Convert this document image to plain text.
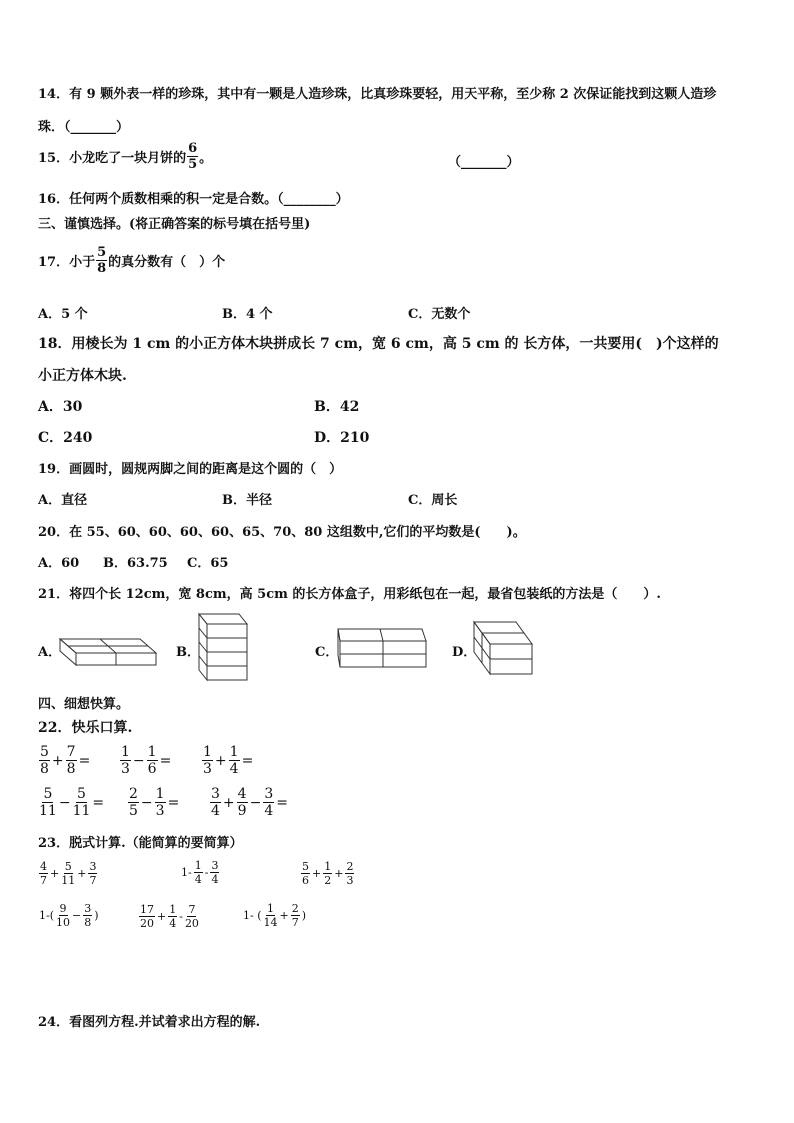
14．有 9 颗外表一样的珍珠，其中有一颗是人造珍珠，比真珍珠要轻，用天平称，至少称 2 次保证能找到这颗人造珍
珠．（_______）
15．小龙吃了一块月饼的 $\frac{6}{5}$ 。	（_______）
16．任何两个质数相乘的积一定是合数。（________）
三、谨慎选择。(将正确答案的标号填在括号里)
17．小于 $\frac{5}{8}$ 的真分数有（　）个
A．5 个	B．4 个	C．无数个
18．用棱长为 1 cm 的小正方体木块拼成长 7 cm，宽 6 cm，高 5 cm 的 长方体，一共要用(　)个这样的
小正方体木块.
A．30	B．42
C．240	D．210
19．画圆时，圆规两脚之间的距离是这个圆的（　）
A．直径	B．半径	C．周长
20．在 55、60、60、60、60、65、70、80 这组数中,它们的平均数是(　　)。
A．60 B．63.75 C．65
21．将四个长 12cm，宽 8cm，高 5cm 的长方体盒子，用彩纸包在一起，最省包装纸的方法是（　　）.
A．	B．	C．	D．
四、细想快算。
22．快乐口算.
$\frac{5}{8} + \frac{7}{8} = \frac{1}{3} - \frac{1}{6} = \frac{1}{3} + \frac{1}{4}$ =
$\frac{5}{11} - \frac{5}{11} = \frac{2}{5} - \frac{1}{3} = \frac{3}{4} + \frac{4}{9} - \frac{3}{4}$ =
23．脱式计算.（能简算的要简算）
$\frac{4}{7} + \frac{5}{11} + \frac{3}{7}$	$1- \frac{1}{4} - \frac{3}{4}$	$\frac{5}{6} + \frac{1}{2} + \frac{2}{3}$
$1-( \frac{9}{10} - \frac{3}{8}$ )	$\frac{17}{20} + \frac{1}{4} - \frac{7}{20}$	1- ( $\frac{1}{14} + \frac{2}{7}$ )
24．看图列方程.并试着求出方程的解.
